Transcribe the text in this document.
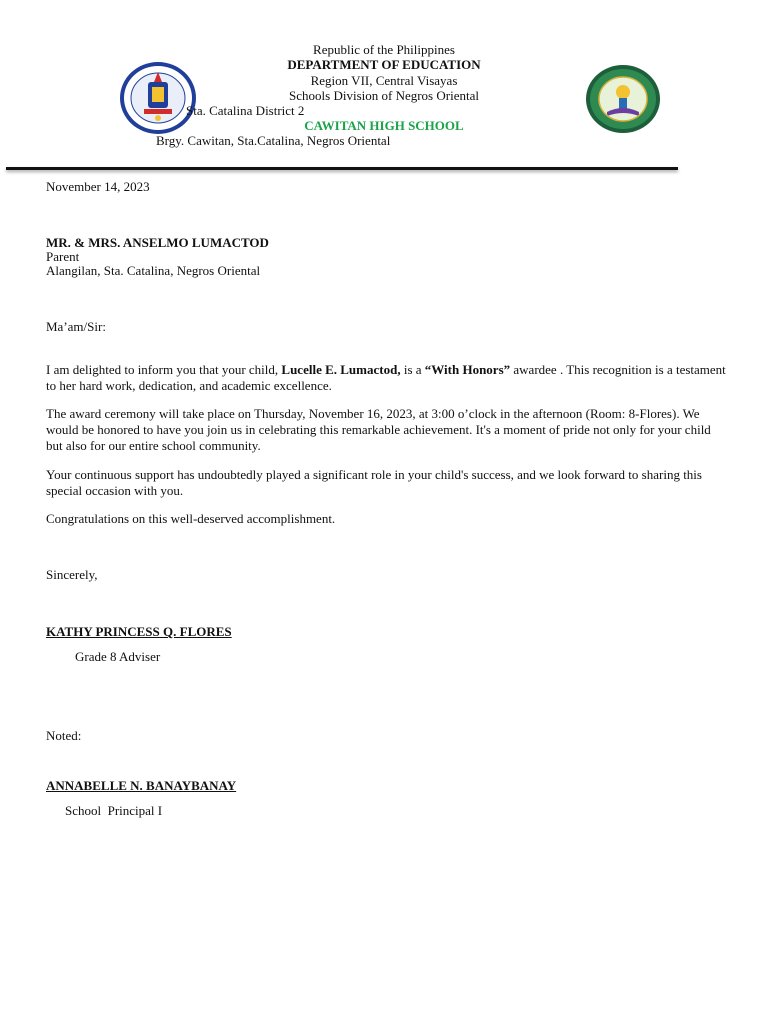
Republic of the Philippines
DEPARTMENT OF EDUCATION
Region VII, Central Visayas
Schools Division of Negros Oriental
Sta. Catalina District 2
CAWITAN HIGH SCHOOL
Brgy. Cawitan, Sta.Catalina, Negros Oriental
November 14, 2023
MR. & MRS. ANSELMO LUMACTOD
Parent
Alangilan, Sta. Catalina, Negros Oriental
Ma’am/Sir:
I am delighted to inform you that your child, Lucelle E. Lumactod, is a “With Honors” awardee . This recognition is a testament to her hard work, dedication, and academic excellence.
The award ceremony will take place on Thursday, November 16, 2023, at 3:00 o’clock in the afternoon (Room: 8-Flores). We would be honored to have you join us in celebrating this remarkable achievement. It's a moment of pride not only for your child but also for our entire school community.
Your continuous support has undoubtedly played a significant role in your child's success, and we look forward to sharing this special occasion with you.
Congratulations on this well-deserved accomplishment.
Sincerely,
KATHY PRINCESS Q. FLORES
Grade 8 Adviser
Noted:
ANNABELLE N. BANAYBANAY
School  Principal I
